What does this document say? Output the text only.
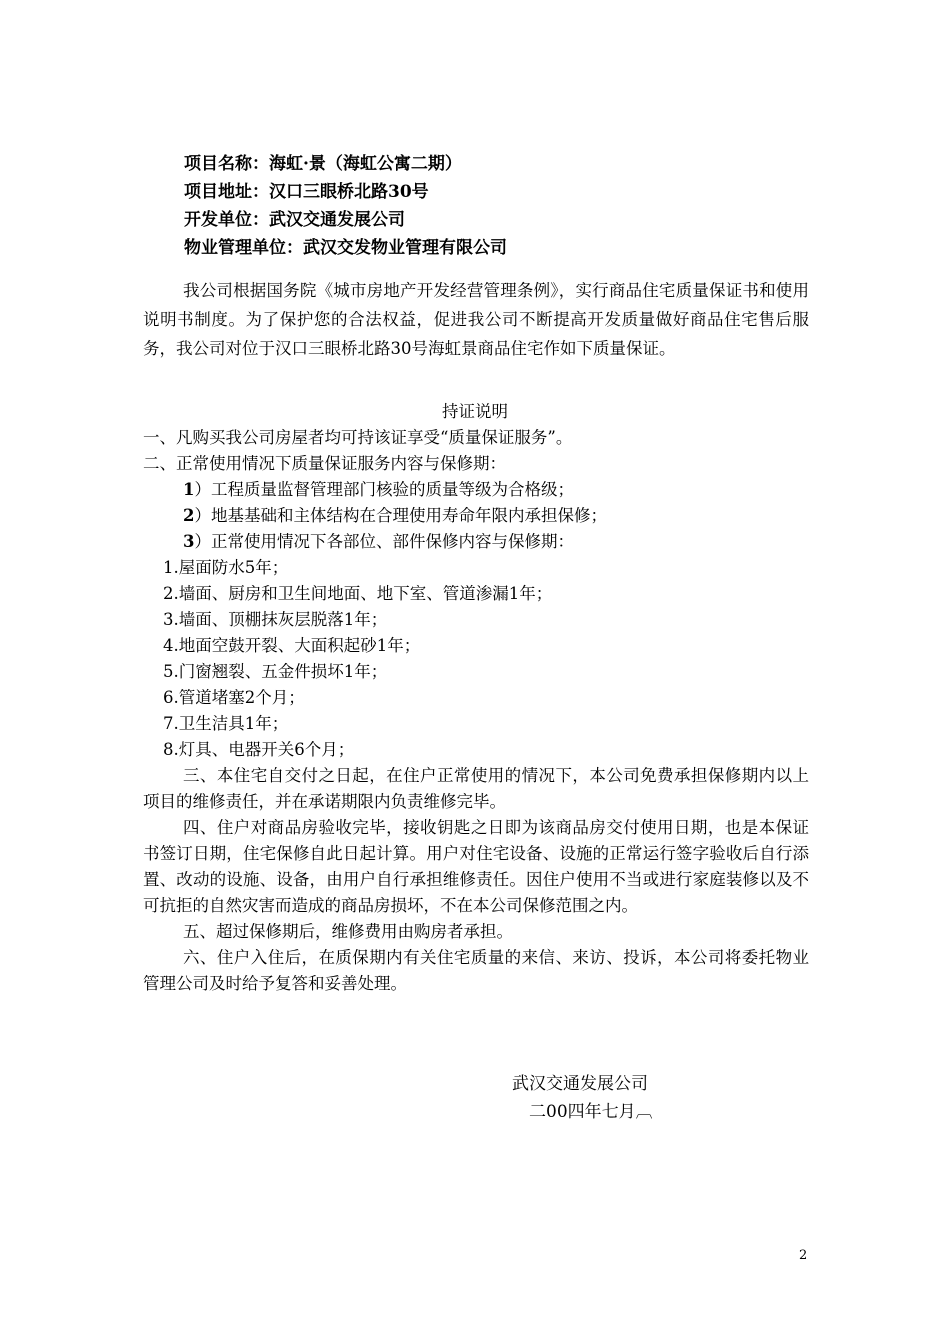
项目名称：海虹·景（海虹公寓二期）
项目地址：汉口三眼桥北路30号
开发单位：武汉交通发展公司
物业管理单位：武汉交发物业管理有限公司
我公司根据国务院《城市房地产开发经营管理条例》，实行商品住宅质量保证书和使用说明书制度。为了保护您的合法权益，促进我公司不断提高开发质量做好商品住宅售后服务，我公司对位于汉口三眼桥北路30号海虹景商品住宅作如下质量保证。
持证说明
一、凡购买我公司房屋者均可持该证享受“质量保证服务”。
二、正常使用情况下质量保证服务内容与保修期：
1）工程质量监督管理部门核验的质量等级为合格级；
2）地基基础和主体结构在合理使用寿命年限内承担保修；
3）正常使用情况下各部位、部件保修内容与保修期：
1.屋面防水5年；
2.墙面、厨房和卫生间地面、地下室、管道渗漏1年；
3.墙面、顶棚抹灰层脱落1年；
4.地面空鼓开裂、大面积起砂1年；
5.门窗翘裂、五金件损坏1年；
6.管道堵塞2个月；
7.卫生洁具1年；
8.灯具、电器开关6个月；
三、本住宅自交付之日起，在住户正常使用的情况下，本公司免费承担保修期内以上项目的维修责任，并在承诺期限内负责维修完毕。
四、住户对商品房验收完毕，接收钥匙之日即为该商品房交付使用日期，也是本保证书签订日期，住宅保修自此日起计算。用户对住宅设备、设施的正常运行签字验收后自行添置、改动的设施、设备，由用户自行承担维修责任。因住户使用不当或进行家庭装修以及不可抗拒的自然灾害而造成的商品房损坏，不在本公司保修范围之内。
五、超过保修期后，维修费用由购房者承担。
六、住户入住后，在质保期内有关住宅质量的来信、来访、投诉，本公司将委托物业管理公司及时给予复答和妥善处理。
武汉交通发展公司
二00四年七月︹
2
